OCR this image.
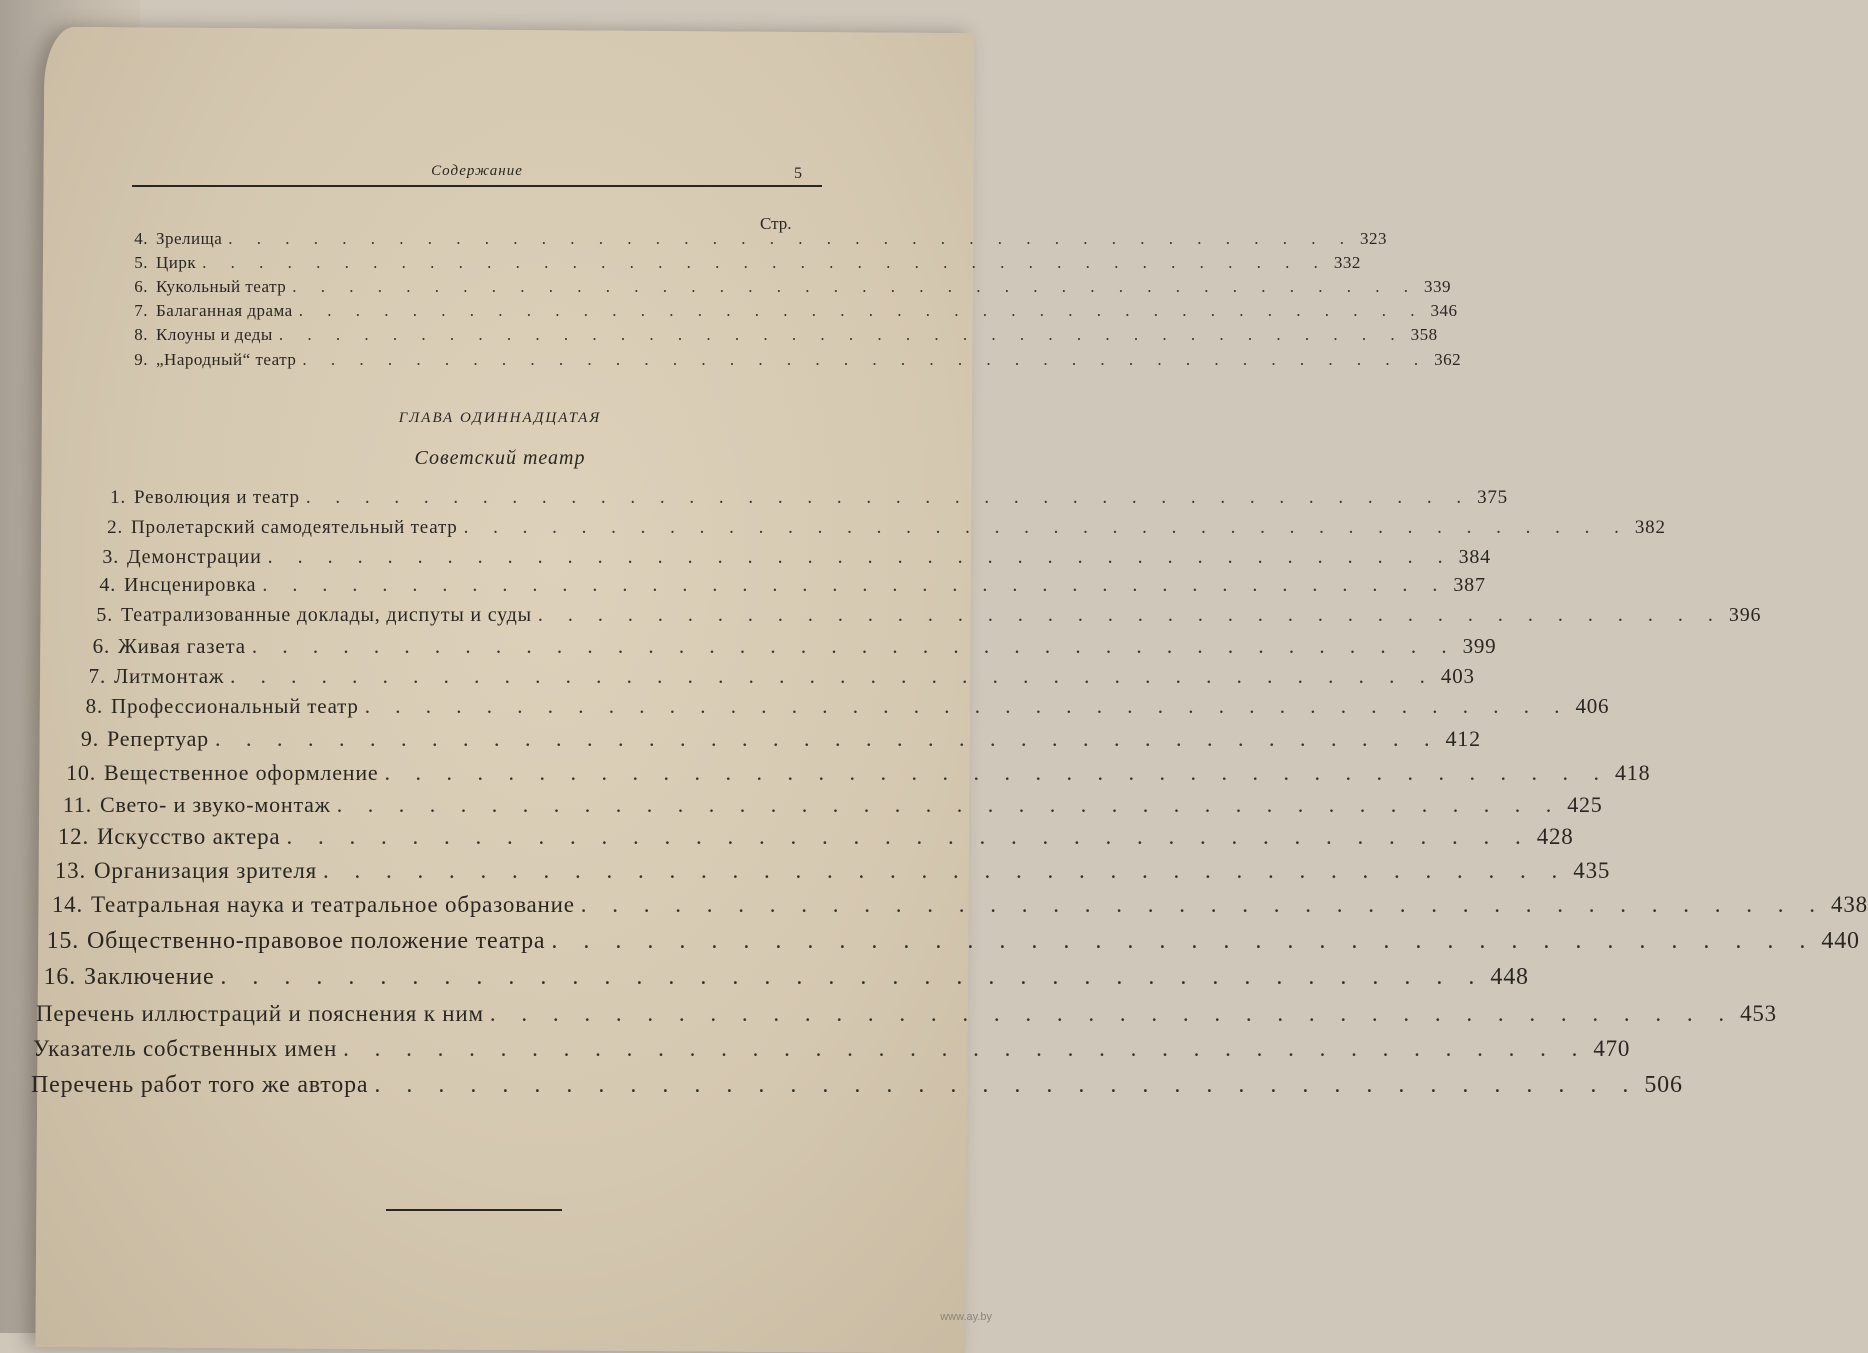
Содержание	5
Стр.
ГЛАВА ОДИННАДЦАТАЯ
Советский театр
4. Зрелища . . . . . . . . . . . . . . . . . . . . . . . . . . . . . . . . . . . . . . . . 323
5. Цирк . . . . . . . . . . . . . . . . . . . . . . . . . . . . . . . . . . . . . . . . 332
6. Кукольный театр . . . . . . . . . . . . . . . . . . . . . . . . . . . . . . . . . . . . . . . . 339
7. Балаганная драма . . . . . . . . . . . . . . . . . . . . . . . . . . . . . . . . . . . . . . . . 346
8. Клоуны и деды . . . . . . . . . . . . . . . . . . . . . . . . . . . . . . . . . . . . . . . . 358
9. „Народный“ театр . . . . . . . . . . . . . . . . . . . . . . . . . . . . . . . . . . . . . . . . 362
1. Революция и театр . . . . . . . . . . . . . . . . . . . . . . . . . . . . . . . . . . . . . . . . 375
2. Пролетарский самодеятельный театр . . . . . . . . . . . . . . . . . . . . . . . . . . . . . . . . . . . . . . . . 382
3. Демонстрации . . . . . . . . . . . . . . . . . . . . . . . . . . . . . . . . . . . . . . . . 384
4. Инсценировка . . . . . . . . . . . . . . . . . . . . . . . . . . . . . . . . . . . . . . . . 387
5. Театрализованные доклады, диспуты и суды . . . . . . . . . . . . . . . . . . . . . . . . . . . . . . . . . . . . . . . . 396
6. Живая газета . . . . . . . . . . . . . . . . . . . . . . . . . . . . . . . . . . . . . . . . 399
7. Литмонтаж . . . . . . . . . . . . . . . . . . . . . . . . . . . . . . . . . . . . . . . . 403
8. Профессиональный театр . . . . . . . . . . . . . . . . . . . . . . . . . . . . . . . . . . . . . . . . 406
9. Репертуар . . . . . . . . . . . . . . . . . . . . . . . . . . . . . . . . . . . . . . . . 412
10. Вещественное оформление . . . . . . . . . . . . . . . . . . . . . . . . . . . . . . . . . . . . . . . . 418
11. Свето- и звуко-монтаж . . . . . . . . . . . . . . . . . . . . . . . . . . . . . . . . . . . . . . . . 425
12. Искусство актера . . . . . . . . . . . . . . . . . . . . . . . . . . . . . . . . . . . . . . . . 428
13. Организация зрителя . . . . . . . . . . . . . . . . . . . . . . . . . . . . . . . . . . . . . . . . 435
14. Театральная наука и театральное образование . . . . . . . . . . . . . . . . . . . . . . . . . . . . . . . . . . . . . . . . 438
15. Общественно-правовое положение театра . . . . . . . . . . . . . . . . . . . . . . . . . . . . . . . . . . . . . . . . 440
16. Заключение . . . . . . . . . . . . . . . . . . . . . . . . . . . . . . . . . . . . . . . . 448
Перечень иллюстраций и пояснения к ним . . . . . . . . . . . . . . . . . . . . . . . . . . . . . . . . . . . . . . . . 453
Указатель собственных имен . . . . . . . . . . . . . . . . . . . . . . . . . . . . . . . . . . . . . . . . 470
Перечень работ того же автора . . . . . . . . . . . . . . . . . . . . . . . . . . . . . . . . . . . . . . . . 506
www.ay.by
